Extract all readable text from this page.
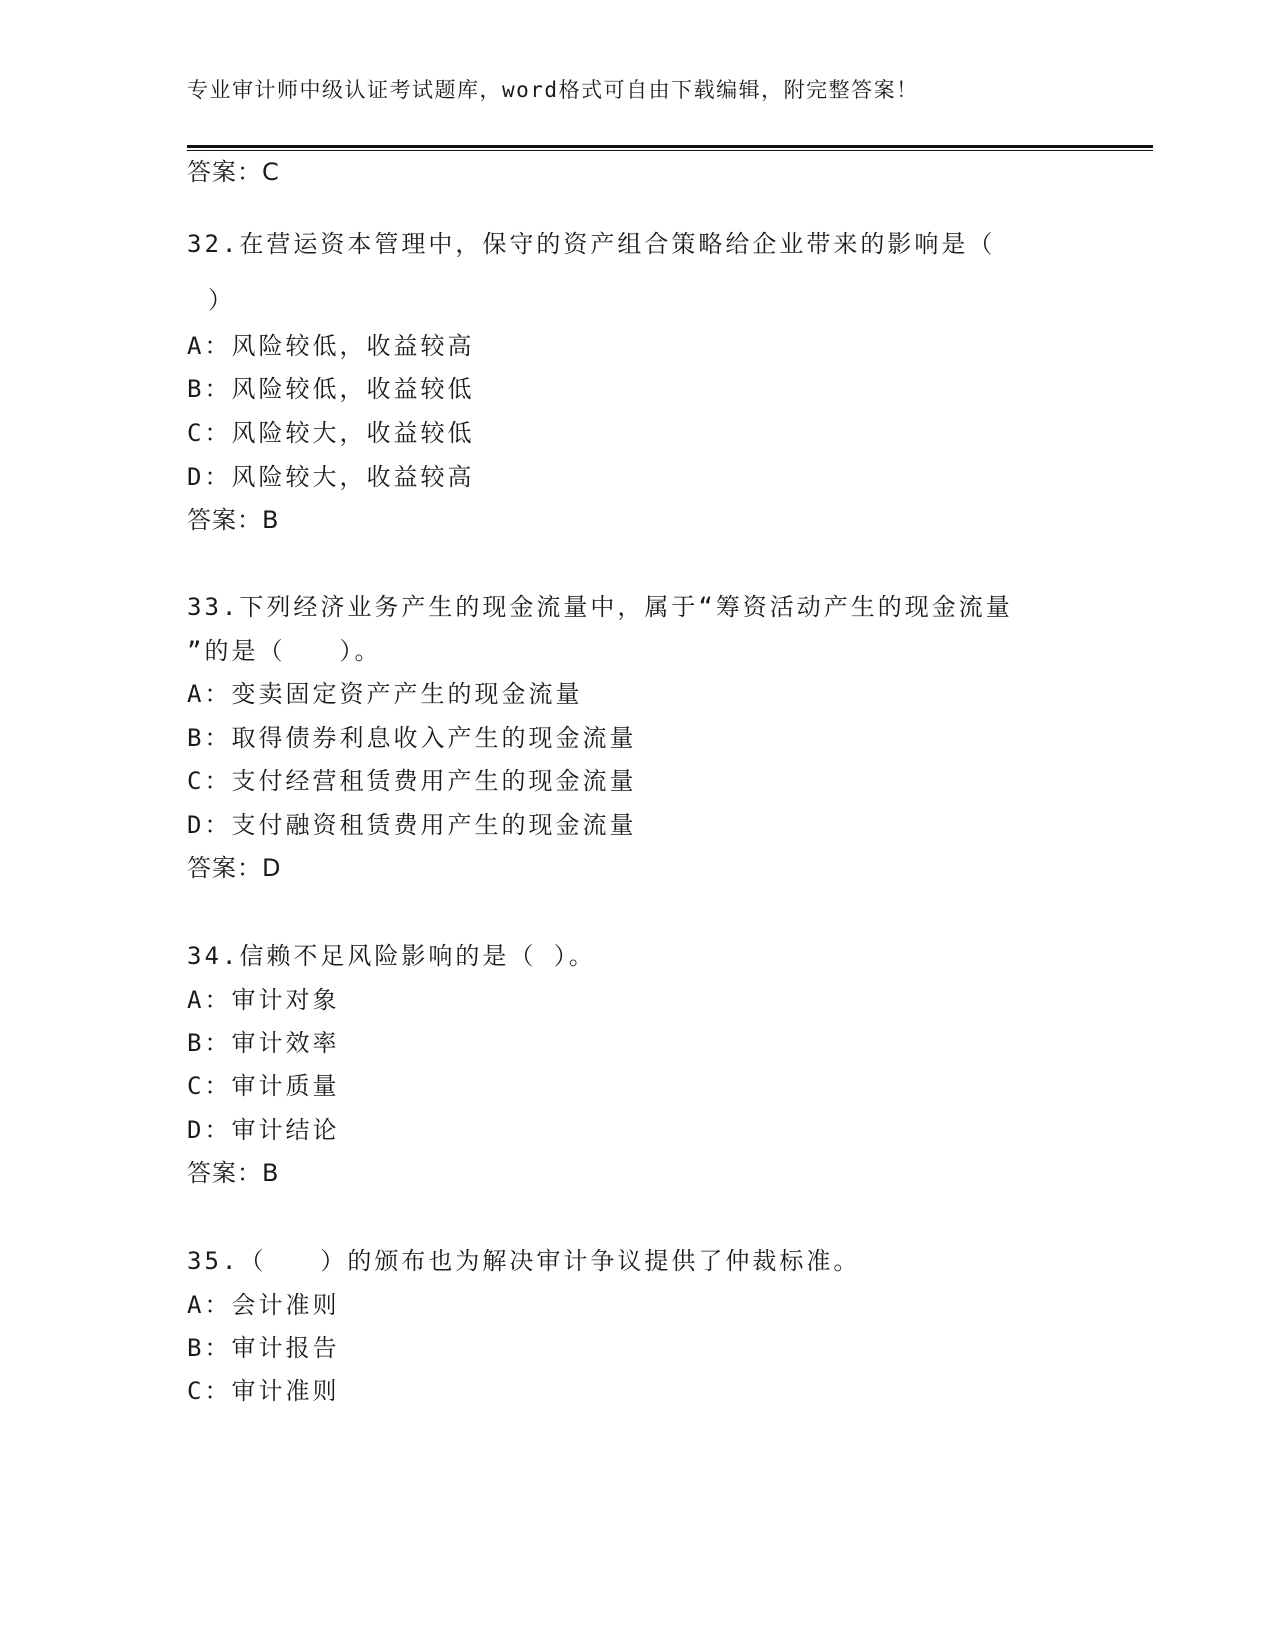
专业审计师中级认证考试题库，word格式可自由下载编辑，附完整答案！
答案：C
32.在营运资本管理中，保守的资产组合策略给企业带来的影响是（
）
A：风险较低，收益较高
B：风险较低，收益较低
C：风险较大，收益较低
D：风险较大，收益较高
答案：B
33.下列经济业务产生的现金流量中，属于“筹资活动产生的现金流量
”的是（　　）。
A：变卖固定资产产生的现金流量
B：取得债券利息收入产生的现金流量
C：支付经营租赁费用产生的现金流量
D：支付融资租赁费用产生的现金流量
答案：D
34.信赖不足风险影响的是（ ）。
A：审计对象
B：审计效率
C：审计质量
D：审计结论
答案：B
35.（　　）的颁布也为解决审计争议提供了仲裁标准。
A：会计准则
B：审计报告
C：审计准则
